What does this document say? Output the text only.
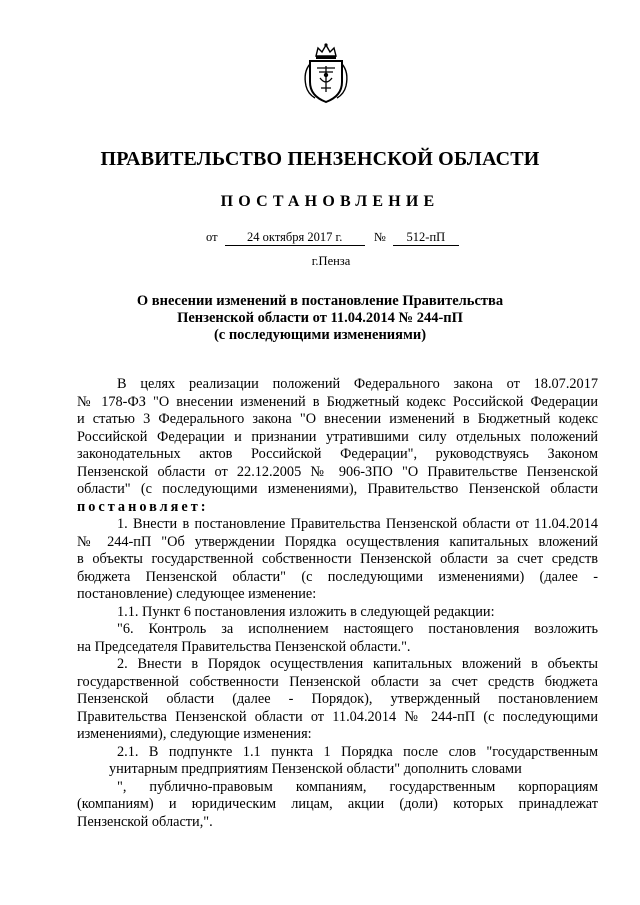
ПРАВИТЕЛЬСТВО ПЕНЗЕНСКОЙ ОБЛАСТИ
ПОСТАНОВЛЕНИЕ
от 24 октября 2017 г.	№ 512-пП
г.Пенза
О внесении изменений в постановление Правительства
Пензенской области от 11.04.2014 № 244-пП
(с последующими изменениями)
В целях реализации положений Федерального закона от 18.07.2017
№ 178-ФЗ "О внесении изменений в Бюджетный кодекс Российской Федерации
и статью 3 Федерального закона "О внесении изменений в Бюджетный кодекс
Российской Федерации и признании утратившими силу отдельных положений
законодательных актов Российской Федерации", руководствуясь Законом
Пензенской области от 22.12.2005 № 906-ЗПО "О Правительстве Пензенской
области" (с последующими изменениями), Правительство Пензенской области
постановляет:
1. Внести в постановление Правительства Пензенской области от 11.04.2014
№ 244-пП "Об утверждении Порядка осуществления капитальных вложений
в объекты государственной собственности Пензенской области за счет средств
бюджета Пензенской области" (с последующими изменениями) (далее -
постановление) следующее изменение:
1.1. Пункт 6 постановления изложить в следующей редакции:
"6. Контроль за исполнением настоящего постановления возложить
на Председателя Правительства Пензенской области.".
2. Внести в Порядок осуществления капитальных вложений в объекты
государственной собственности Пензенской области за счет средств бюджета
Пензенской области (далее - Порядок), утвержденный постановлением
Правительства Пензенской области от 11.04.2014 № 244-пП (с последующими
изменениями), следующие изменения:
2.1. В подпункте 1.1 пункта 1 Порядка после слов "государственным
унитарным предприятиям Пензенской области" дополнить словами
", публично-правовым компаниям, государственным корпорациям
(компаниям) и юридическим лицам, акции (доли) которых принадлежат
Пензенской области,".
